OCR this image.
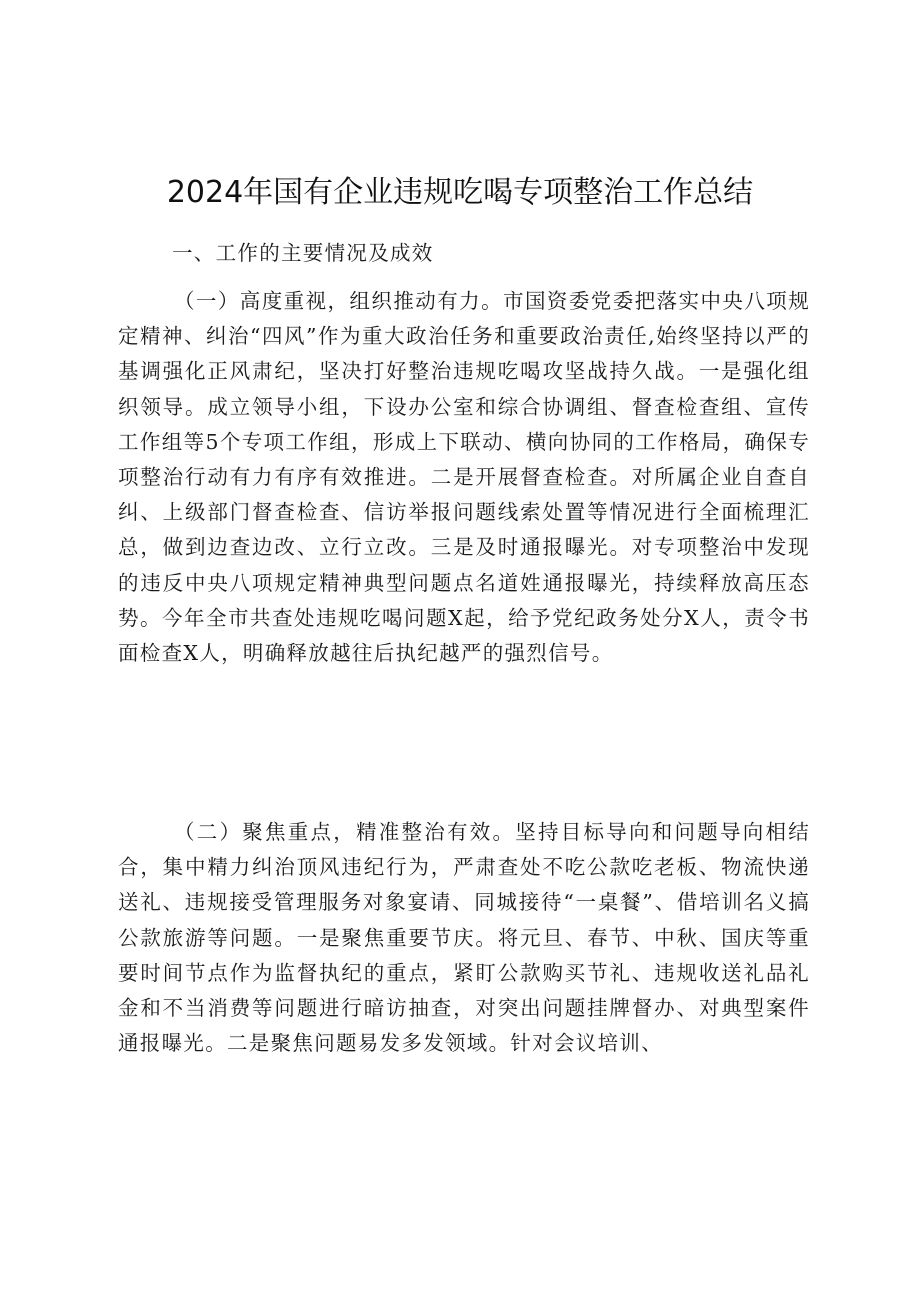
2024年国有企业违规吃喝专项整治工作总结

一、工作的主要情况及成效

（一）高度重视，组织推动有力。市国资委党委把落实中央八项规定精神、纠治“四风”作为重大政治任务和重要政治责任,始终坚持以严的基调强化正风肃纪，坚决打好整治违规吃喝攻坚战持久战。一是强化组织领导。成立领导小组，下设办公室和综合协调组、督查检查组、宣传工作组等5个专项工作组，形成上下联动、横向协同的工作格局，确保专项整治行动有力有序有效推进。二是开展督查检查。对所属企业自查自纠、上级部门督查检查、信访举报问题线索处置等情况进行全面梳理汇总，做到边查边改、立行立改。三是及时通报曝光。对专项整治中发现的违反中央八项规定精神典型问题点名道姓通报曝光，持续释放高压态势。今年全市共查处违规吃喝问题X起，给予党纪政务处分X人，责令书面检查X人，明确释放越往后执纪越严的强烈信号。

（二）聚焦重点，精准整治有效。坚持目标导向和问题导向相结合，集中精力纠治顶风违纪行为，严肃查处不吃公款吃老板、物流快递送礼、违规接受管理服务对象宴请、同城接待“一桌餐”、借培训名义搞公款旅游等问题。一是聚焦重要节庆。将元旦、春节、中秋、国庆等重要时间节点作为监督执纪的重点，紧盯公款购买节礼、违规收送礼品礼金和不当消费等问题进行暗访抽查，对突出问题挂牌督办、对典型案件通报曝光。二是聚焦问题易发多发领域。针对会议培训、
